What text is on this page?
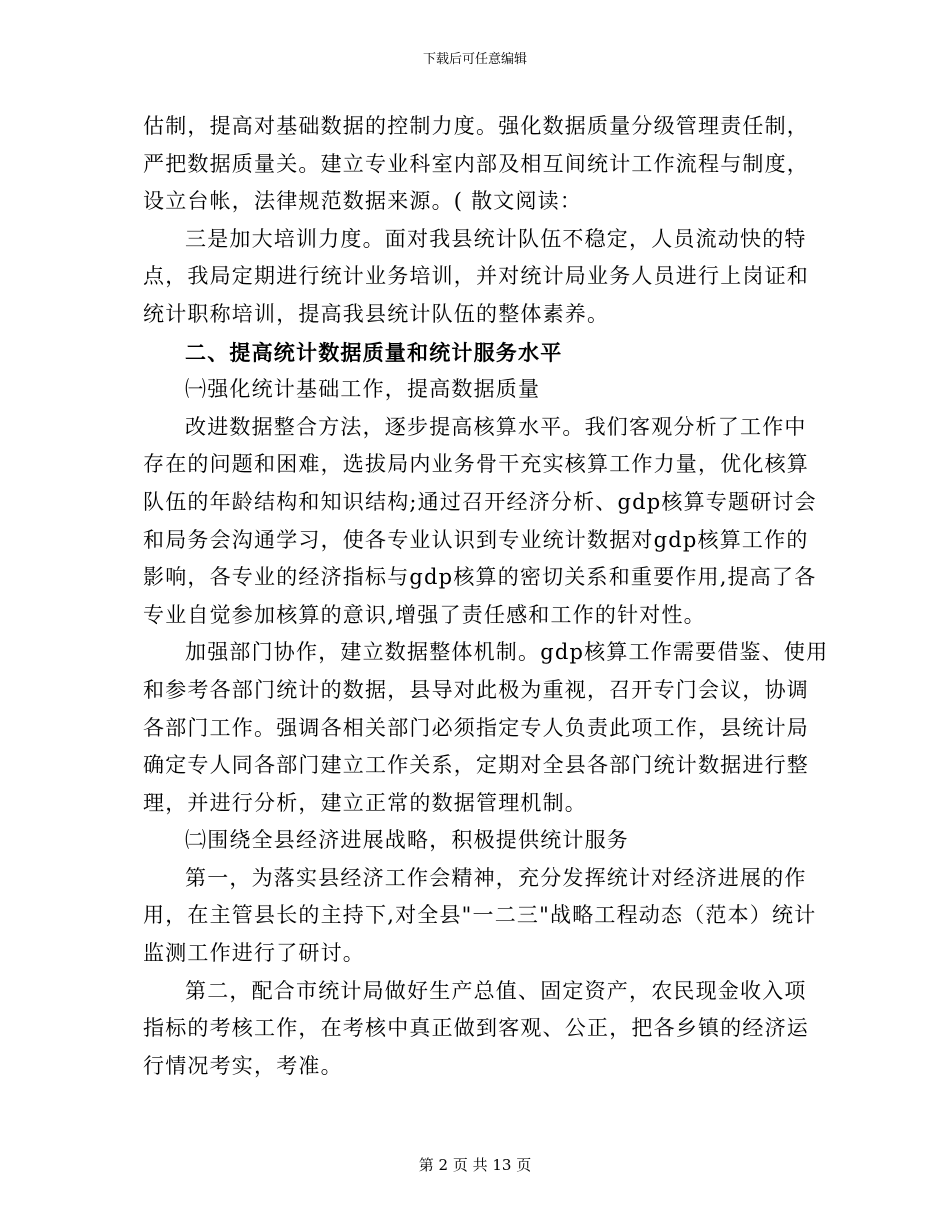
下载后可任意编辑
估制，提高对基础数据的控制力度。强化数据质量分级管理责任制，
严把数据质量关。建立专业科室内部及相互间统计工作流程与制度，
设立台帐，法律规范数据来源。( 散文阅读：
三是加大培训力度。面对我县统计队伍不稳定，人员流动快的特
点，我局定期进行统计业务培训，并对统计局业务人员进行上岗证和
统计职称培训，提高我县统计队伍的整体素养。
二、提高统计数据质量和统计服务水平
㈠强化统计基础工作，提高数据质量
改进数据整合方法，逐步提高核算水平。我们客观分析了工作中
存在的问题和困难，选拔局内业务骨干充实核算工作力量，优化核算
队伍的年龄结构和知识结构;通过召开经济分析、gdp核算专题研讨会
和局务会沟通学习，使各专业认识到专业统计数据对gdp核算工作的
影响，各专业的经济指标与gdp核算的密切关系和重要作用,提高了各
专业自觉参加核算的意识,增强了责任感和工作的针对性。
加强部门协作，建立数据整体机制。gdp核算工作需要借鉴、使用
和参考各部门统计的数据，县导对此极为重视，召开专门会议，协调
各部门工作。强调各相关部门必须指定专人负责此项工作，县统计局
确定专人同各部门建立工作关系，定期对全县各部门统计数据进行整
理，并进行分析，建立正常的数据管理机制。
㈡围绕全县经济进展战略，积极提供统计服务
第一，为落实县经济工作会精神，充分发挥统计对经济进展的作
用，在主管县长的主持下,对全县"一二三"战略工程动态（范本）统计
监测工作进行了研讨。
第二，配合市统计局做好生产总值、固定资产，农民现金收入项
指标的考核工作，在考核中真正做到客观、公正，把各乡镇的经济运
行情况考实，考准。
第 2 页 共 13 页
